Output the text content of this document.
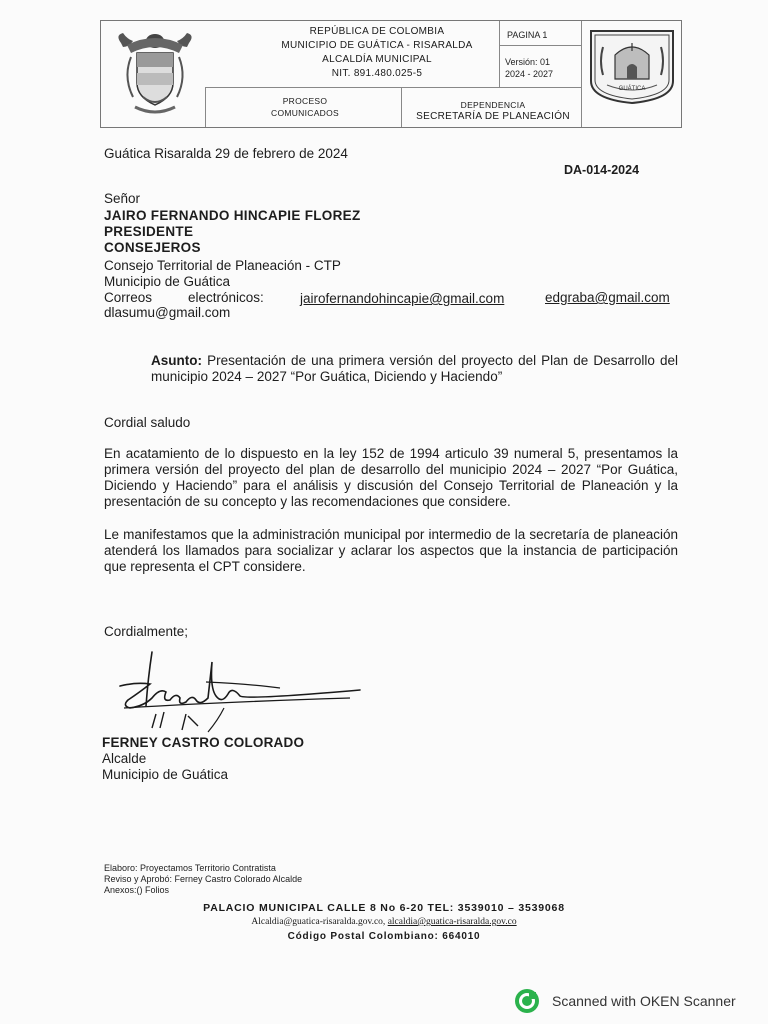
REPÚBLICA DE COLOMBIA
MUNICIPIO DE GUÁTICA - RISARALDA
ALCALDÍA MUNICIPAL
NIT. 891.480.025-5
PAGINA 1
Versión: 01
2024 - 2027
PROCESO
COMUNICADOS
DEPENDENCIA
SECRETARÍA DE PLANEACIÓN
GUÁTICA
Guática Risaralda 29 de febrero de 2024
DA-014-2024
Señor
JAIRO FERNANDO HINCAPIE FLOREZ
PRESIDENTE
CONSEJEROS
Consejo Territorial de Planeación - CTP
Municipio de Guática
Correos	electrónicos:	jairofernandohincapie@gmail.com	edgraba@gmail.com
dlasumu@gmail.com
Asunto: Presentación de una primera versión del proyecto del Plan de Desarrollo del municipio 2024 – 2027 “Por Guática, Diciendo y Haciendo”
Cordial saludo
En acatamiento de lo dispuesto en la ley 152 de 1994 articulo 39 numeral 5, presentamos la primera versión del proyecto del plan de desarrollo del municipio 2024 – 2027 “Por Guática, Diciendo y Haciendo” para el análisis y discusión del Consejo Territorial de Planeación y la presentación de su concepto y las recomendaciones que considere.
Le manifestamos que la administración municipal por intermedio de la secretaría de planeación atenderá los llamados para socializar y aclarar los aspectos que la instancia de participación que representa el CPT considere.
Cordialmente;
FERNEY CASTRO COLORADO
Alcalde
Municipio de Guática
Elaboro: Proyectamos Territorio Contratista
Reviso y Aprobó: Ferney Castro Colorado Alcalde
Anexos:() Folios
PALACIO MUNICIPAL CALLE 8 No 6-20 TEL: 3539010 – 3539068
Alcaldia@guatica-risaralda.gov.co, alcaldia@guatica-risaralda.gov.co
Código Postal Colombiano: 664010
Scanned with OKEN Scanner
